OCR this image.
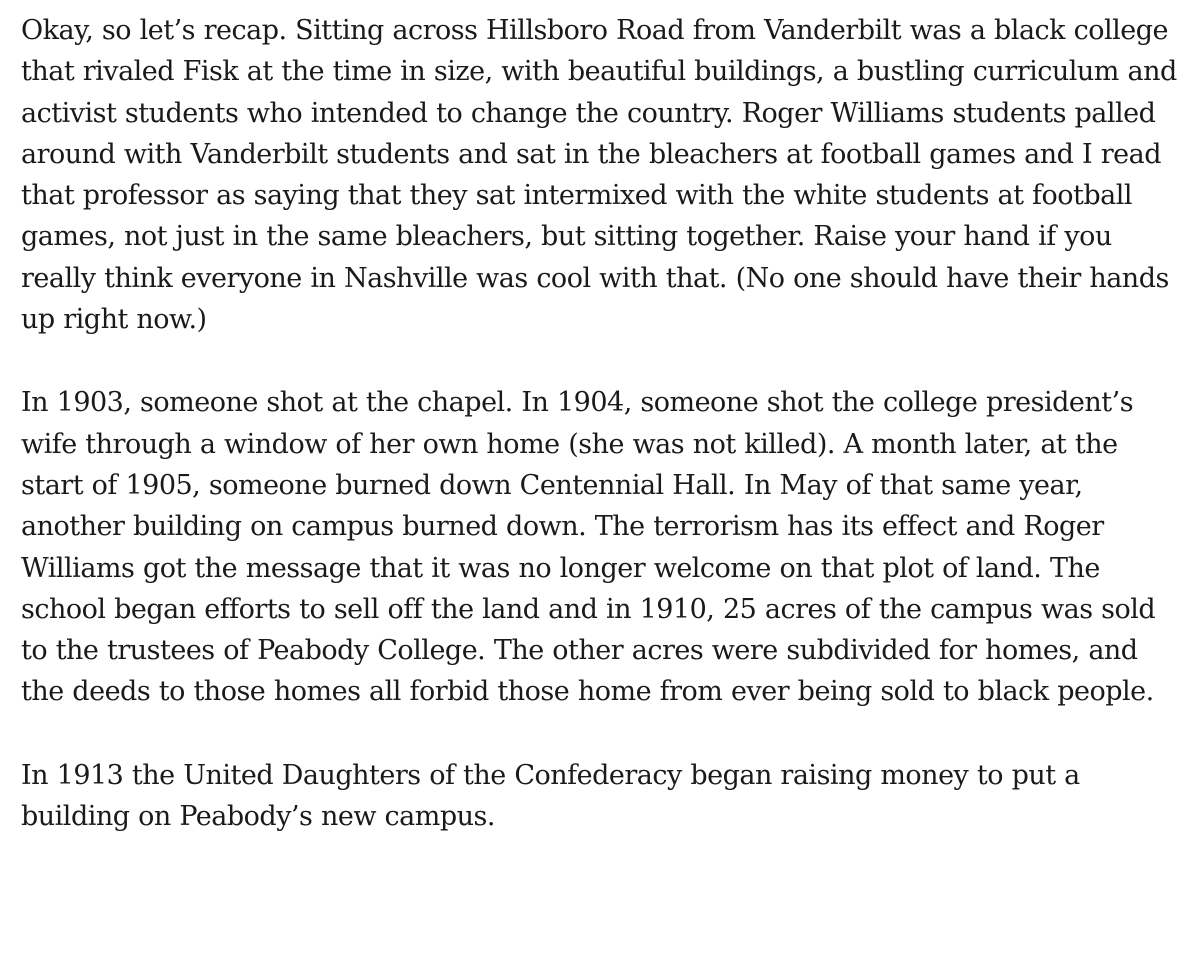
Okay, so let’s recap. Sitting across Hillsboro Road from Vanderbilt was a black college that rivaled Fisk at the time in size, with beautiful buildings, a bustling curriculum and activist students who intended to change the country. Roger Williams students palled around with Vanderbilt students and sat in the bleachers at football games and I read that professor as saying that they sat intermixed with the white students at football games, not just in the same bleachers, but sitting together. Raise your hand if you really think everyone in Nashville was cool with that. (No one should have their hands up right now.)

In 1903, someone shot at the chapel. In 1904, someone shot the college president’s wife through a window of her own home (she was not killed). A month later, at the start of 1905, someone burned down Centennial Hall. In May of that same year, another building on campus burned down. The terrorism has its effect and Roger Williams got the message that it was no longer welcome on that plot of land. The school began efforts to sell off the land and in 1910, 25 acres of the campus was sold to the trustees of Peabody College. The other acres were subdivided for homes, and the deeds to those homes all forbid those home from ever being sold to black people.

In 1913 the United Daughters of the Confederacy began raising money to put a building on Peabody’s new campus.
